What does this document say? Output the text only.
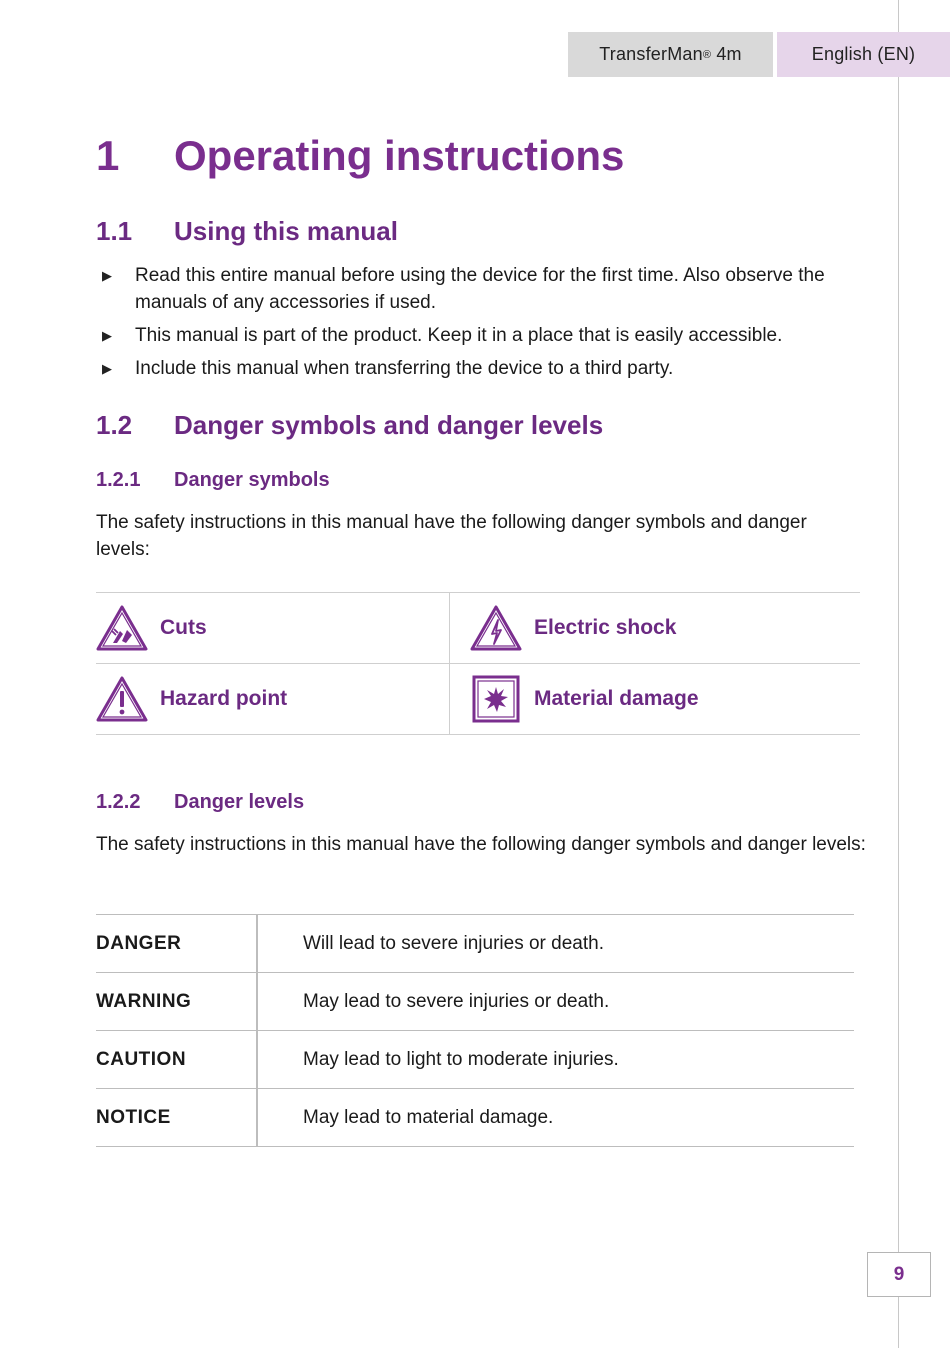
TransferMan ® 4m	English (EN)
1 Operating instructions
1.1 Using this manual
▶ Read this entire manual before using the device for the first time. Also observe the manuals of any accessories if used.
▶ This manual is part of the product. Keep it in a place that is easily accessible.
▶ Include this manual when transferring the device to a third party.
1.2 Danger symbols and danger levels
1.2.1 Danger symbols
The safety instructions in this manual have the following danger symbols and danger levels:
Cuts	Electric shock

Hazard point	Material damage
1.2.2 Danger levels
The safety instructions in this manual have the following danger symbols and danger levels:
DANGER	Will lead to severe injuries or death.
WARNING	May lead to severe injuries or death.
CAUTION	May lead to light to moderate injuries.
NOTICE	May lead to material damage.
9
